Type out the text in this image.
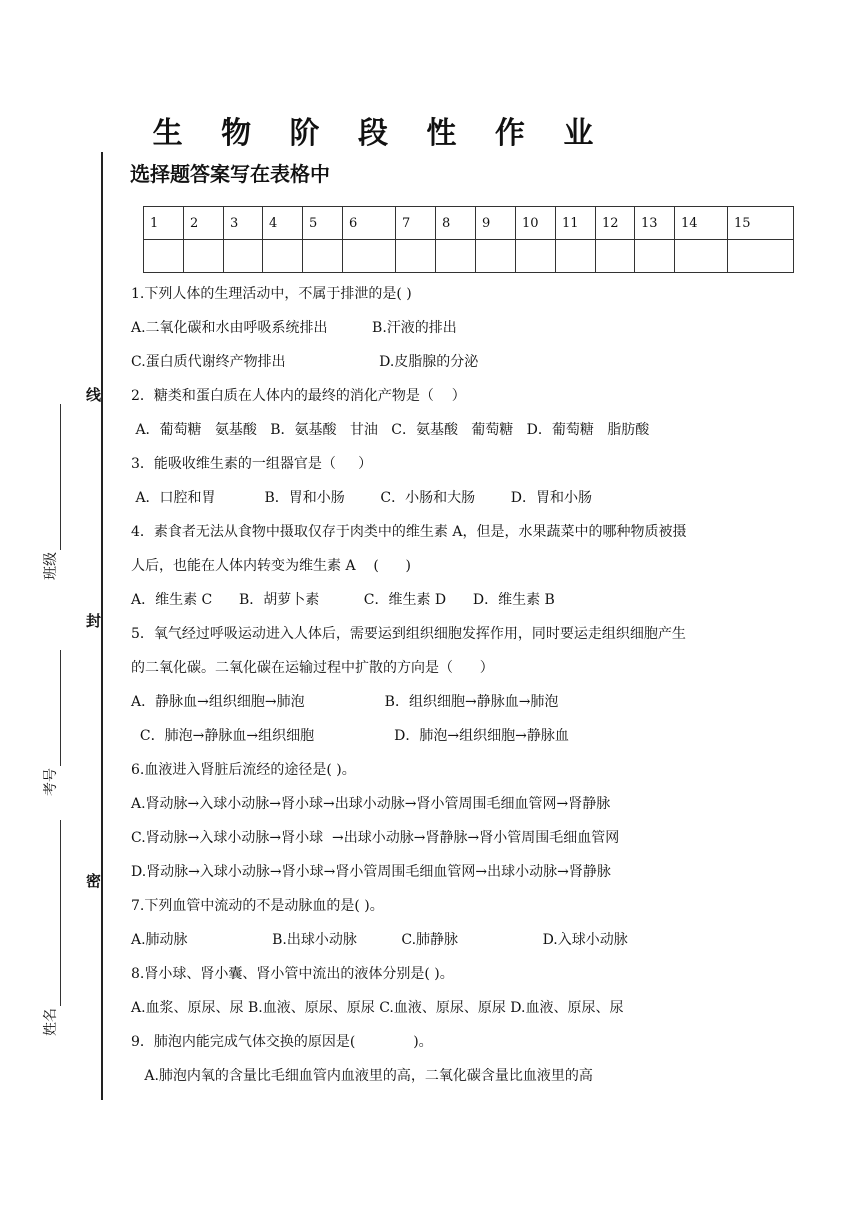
生 物 阶 段 性 作 业
选择题答案写在表格中
线
封
密
班级
考号
姓名
1	2	3	4	5	6	7	8	9	10	11	12	13	14	15

1.下列人体的生理活动中，不属于排泄的是( )
A.二氧化碳和水由呼吸系统排出          B.汗液的排出
C.蛋白质代谢终产物排出                     D.皮脂腺的分泌
2．糖类和蛋白质在人体内的最终的消化产物是（    ）
A．葡萄糖   氨基酸   B．氨基酸   甘油   C．氨基酸   葡萄糖   D．葡萄糖   脂肪酸
3．能吸收维生素的一组器官是（     ）
A．口腔和胃           B．胃和小肠        C．小肠和大肠        D．胃和小肠
4．素食者无法从食物中摄取仅存于肉类中的维生素 A，但是，水果蔬菜中的哪种物质被摄
人后，也能在人体内转变为维生素 A    (      )
A．维生素 C      B．胡萝卜素          C．维生素 D      D．维生素 B
5．氧气经过呼吸运动进入人体后，需要运到组织细胞发挥作用，同时要运走组织细胞产生
的二氧化碳。二氧化碳在运输过程中扩散的方向是（      ）
A．静脉血→组织细胞→肺泡                  B．组织细胞→静脉血→肺泡
C．肺泡→静脉血→组织细胞                  D．肺泡→组织细胞→静脉血
6.血液进入肾脏后流经的途径是( )。
A.肾动脉→入球小动脉→肾小球→出球小动脉→肾小管周围毛细血管网→肾静脉
C.肾动脉→入球小动脉→肾小球  →出球小动脉→肾静脉→肾小管周围毛细血管网
D.肾动脉→入球小动脉→肾小球→肾小管周围毛细血管网→出球小动脉→肾静脉
7.下列血管中流动的不是动脉血的是( )。
A.肺动脉                   B.出球小动脉          C.肺静脉                   D.入球小动脉
8.肾小球、肾小囊、肾小管中流出的液体分别是( )。
A.血浆、原尿、尿 B.血液、原尿、原尿 C.血液、原尿、原尿 D.血液、原尿、尿
9．肺泡内能完成气体交换的原因是(             )。
A.肺泡内氧的含量比毛细血管内血液里的高，二氧化碳含量比血液里的高
